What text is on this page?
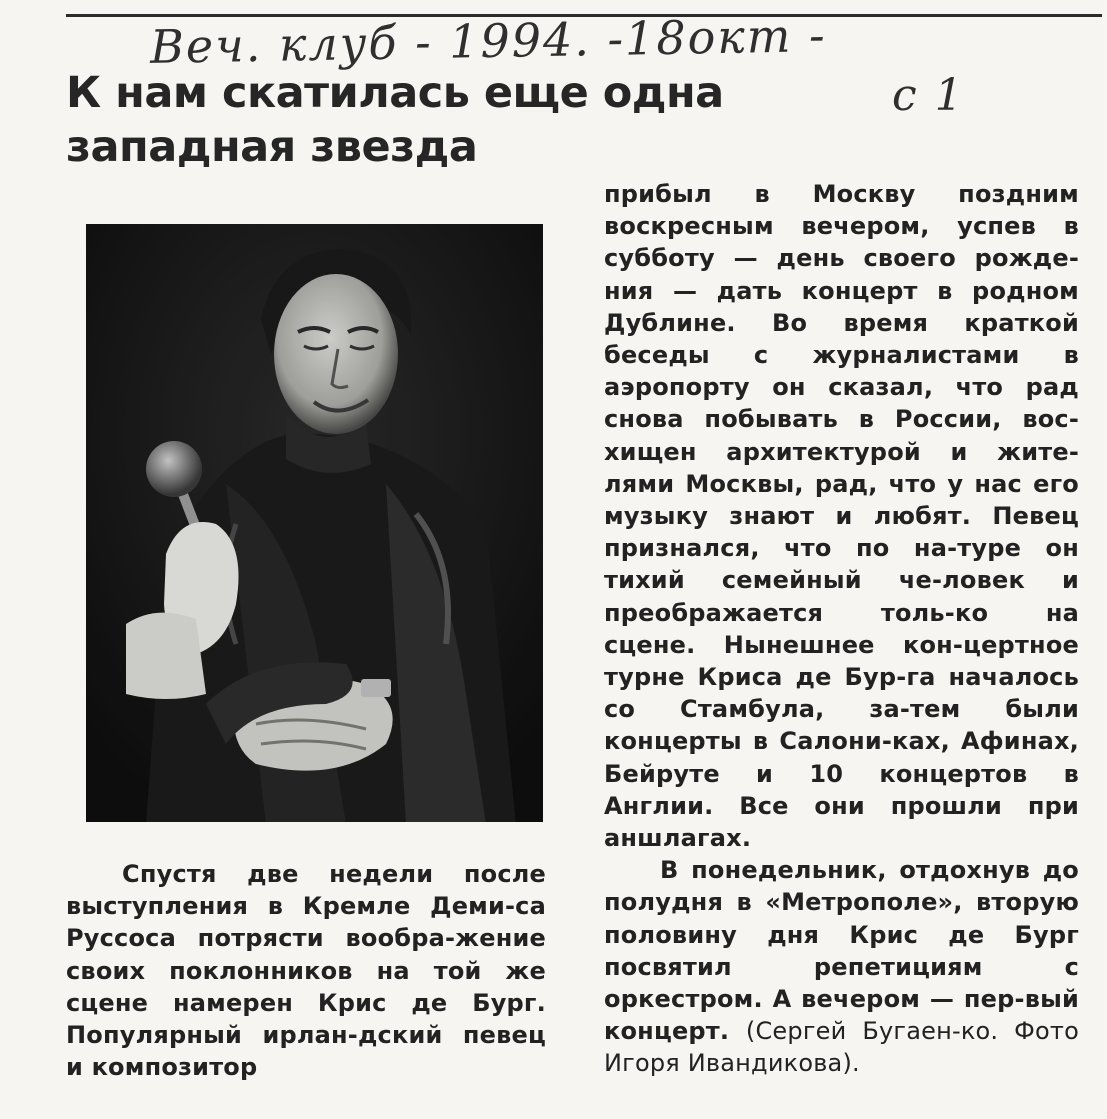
Веч. клуб - 1994. -18окт -
с 1
К нам скатилась еще одна западная звезда

прибыл в Москву поздним воскресным вечером, успев в субботу — день своего рожде-ния — дать концерт в родном Дублине. Во время краткой беседы с журналистами в аэропорту он сказал, что рад снова побывать в России, вос-хищен архитектурой и жите-лями Москвы, рад, что у нас его музыку знают и любят. Певец признался, что по на-туре он тихий семейный че-ловек и преображается толь-ко на сцене. Нынешнее кон-цертное турне Криса де Бур-га началось со Стамбула, за-тем были концерты в Салони-ках, Афинах, Бейруте и 10 концертов в Англии. Все они прошли при аншлагах.

В понедельник, отдохнув до полудня в «Метрополе», вторую половину дня Крис де Бург посвятил репетициям с оркестром. А вечером — пер-вый концерт. (Сергей Бугаен-ко. Фото Игоря Ивандикова).

Спустя две недели после выступления в Кремле Деми-са Руссоса потрясти вообра-жение своих поклонников на той же сцене намерен Крис де Бург. Популярный ирлан-дский певец и композитор
